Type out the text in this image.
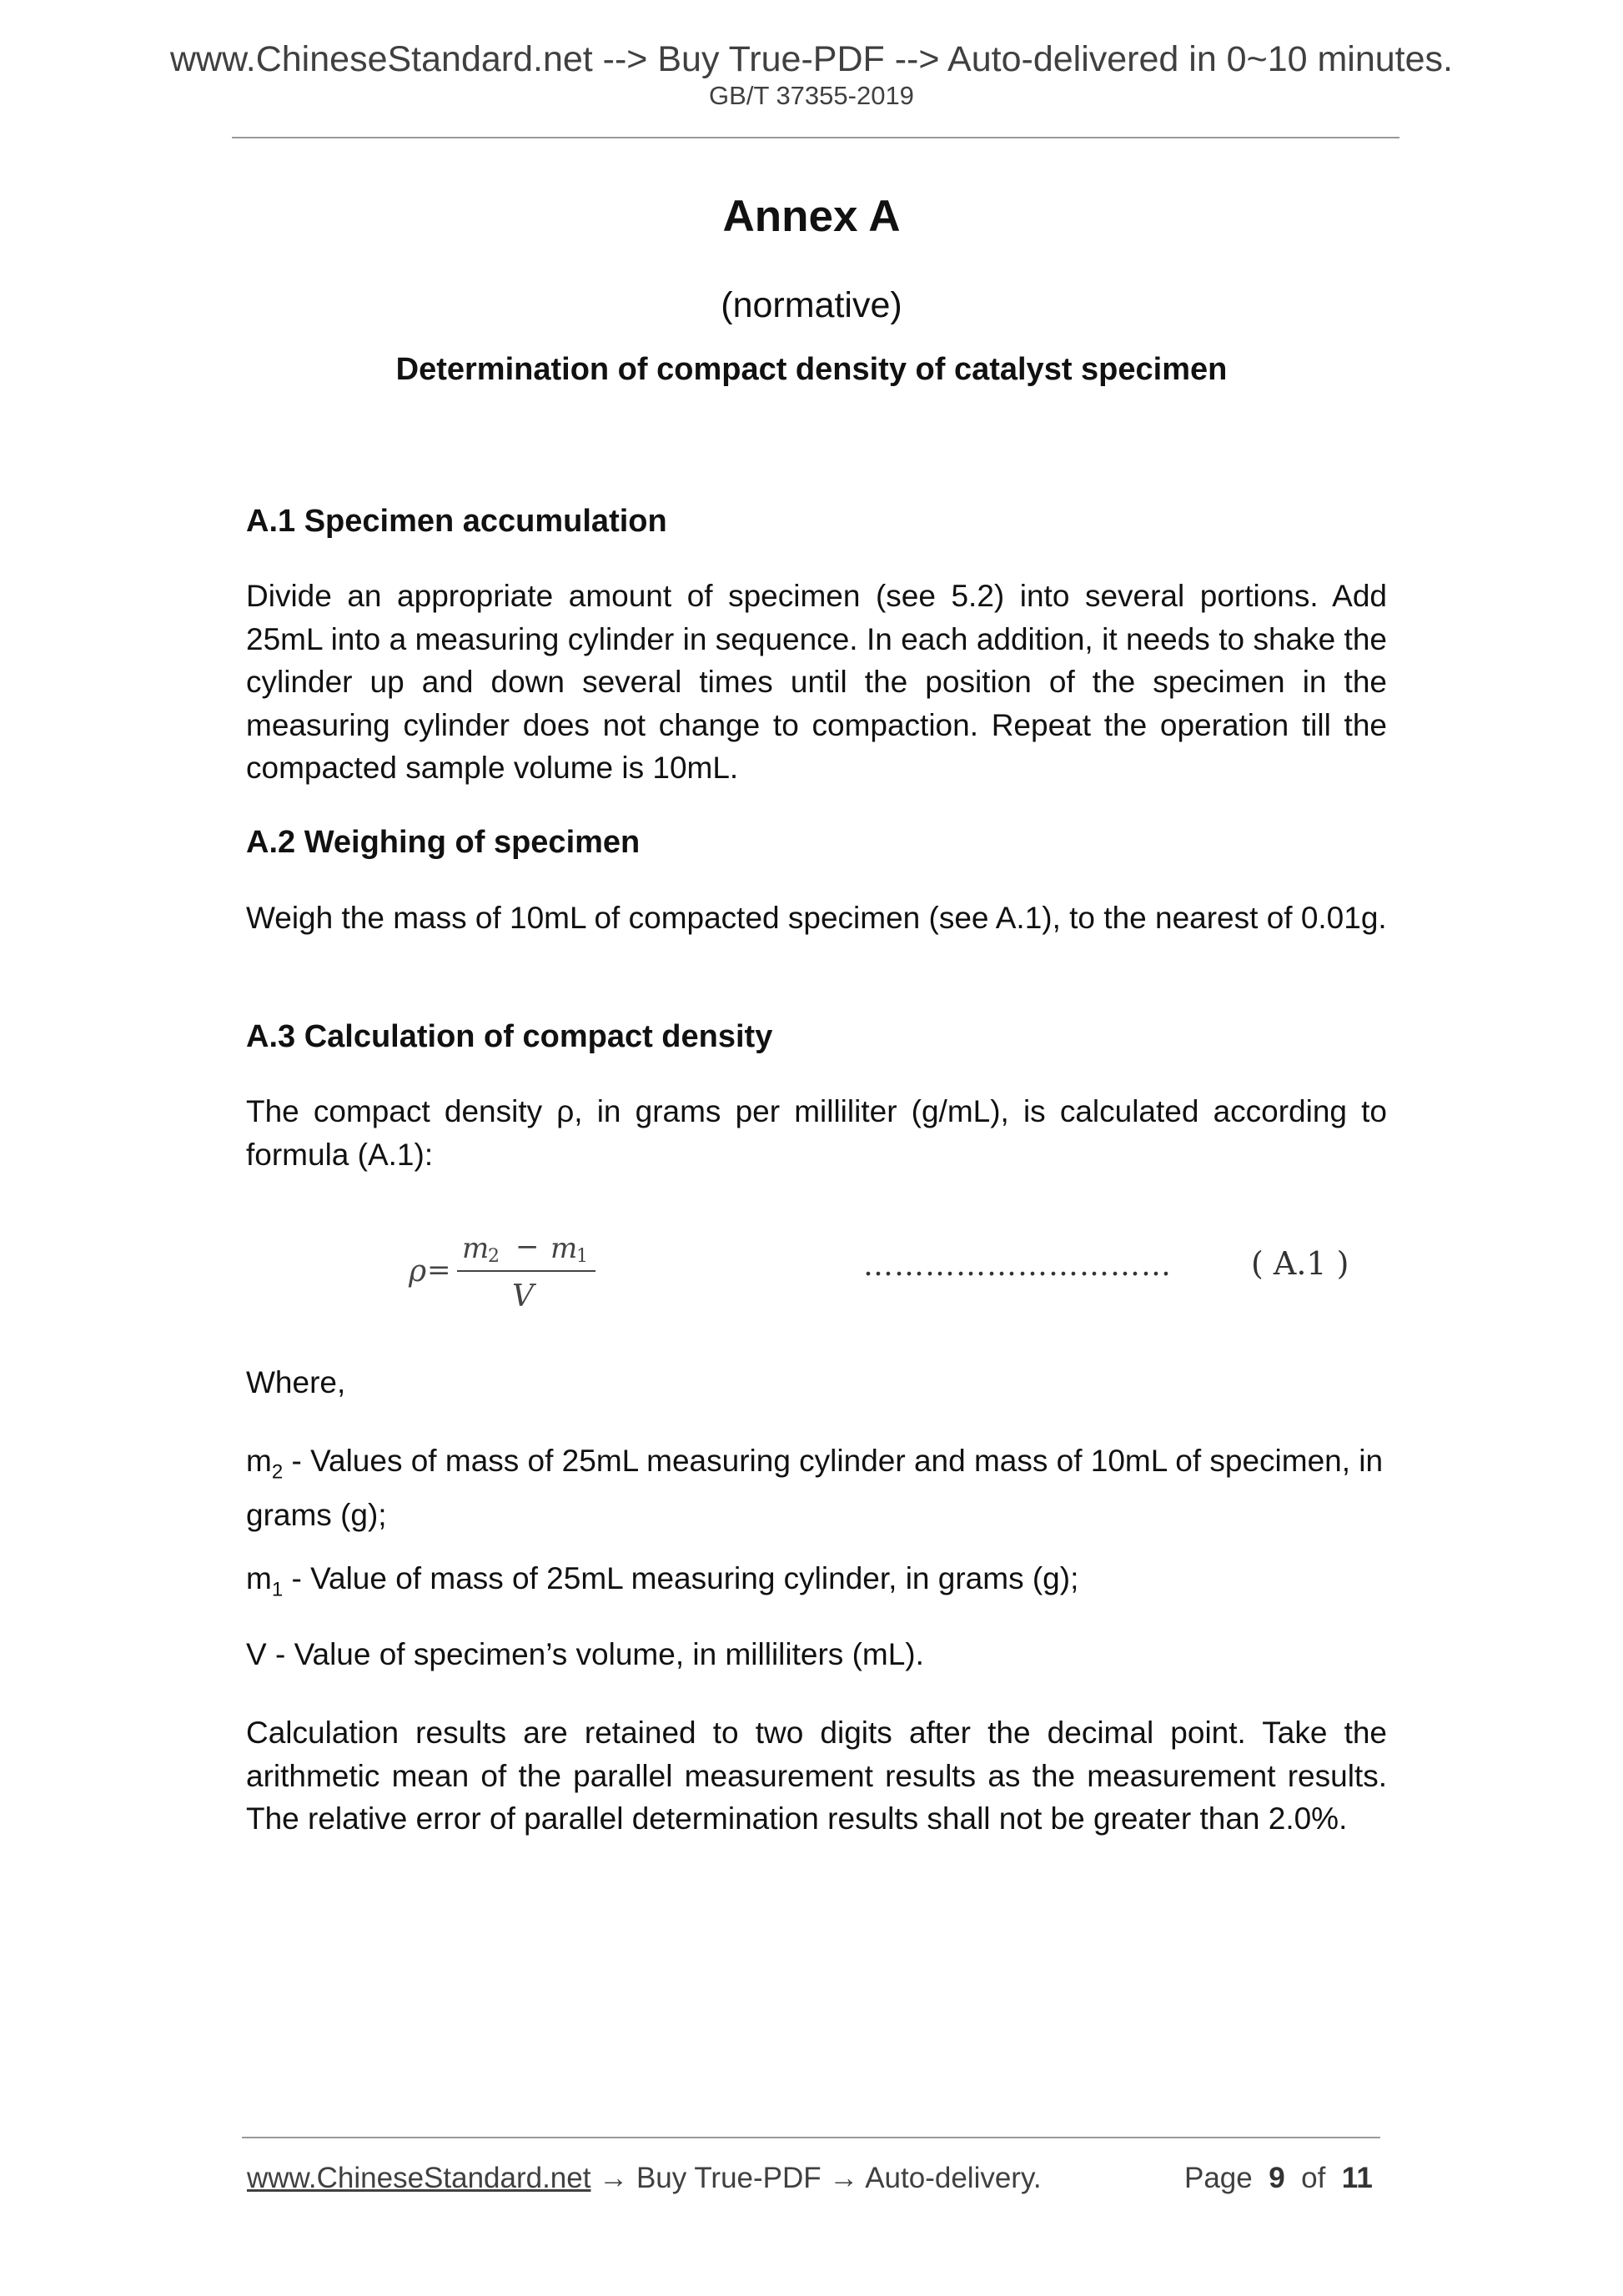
www.ChineseStandard.net --> Buy True-PDF --> Auto-delivered in 0~10 minutes.
GB/T 37355-2019
Annex A
(normative)
Determination of compact density of catalyst specimen
A.1 Specimen accumulation
Divide an appropriate amount of specimen (see 5.2) into several portions. Add 25mL into a measuring cylinder in sequence. In each addition, it needs to shake the cylinder up and down several times until the position of the specimen in the measuring cylinder does not change to compaction. Repeat the operation till the compacted sample volume is 10mL.
A.2 Weighing of specimen
Weigh the mass of 10mL of compacted specimen (see A.1), to the nearest of 0.01g.
A.3 Calculation of compact density
The compact density ρ, in grams per milliliter (g/mL), is calculated according to formula (A.1):
ρ =
m
2 − m
1
V
…………………………	( A.1 )
Where,
$m_2$ - Values of mass of 25mL measuring cylinder and mass of 10mL of specimen, in grams (g);
$m_1$ - Value of mass of 25mL measuring cylinder, in grams (g);
V - Value of specimen’s volume, in milliliters (mL).
Calculation results are retained to two digits after the decimal point. Take the arithmetic mean of the parallel measurement results as the measurement results. The relative error of parallel determination results shall not be greater than 2.0%.
www.ChineseStandard.net → Buy True-PDF → Auto-delivery.	Page 9 of 11
